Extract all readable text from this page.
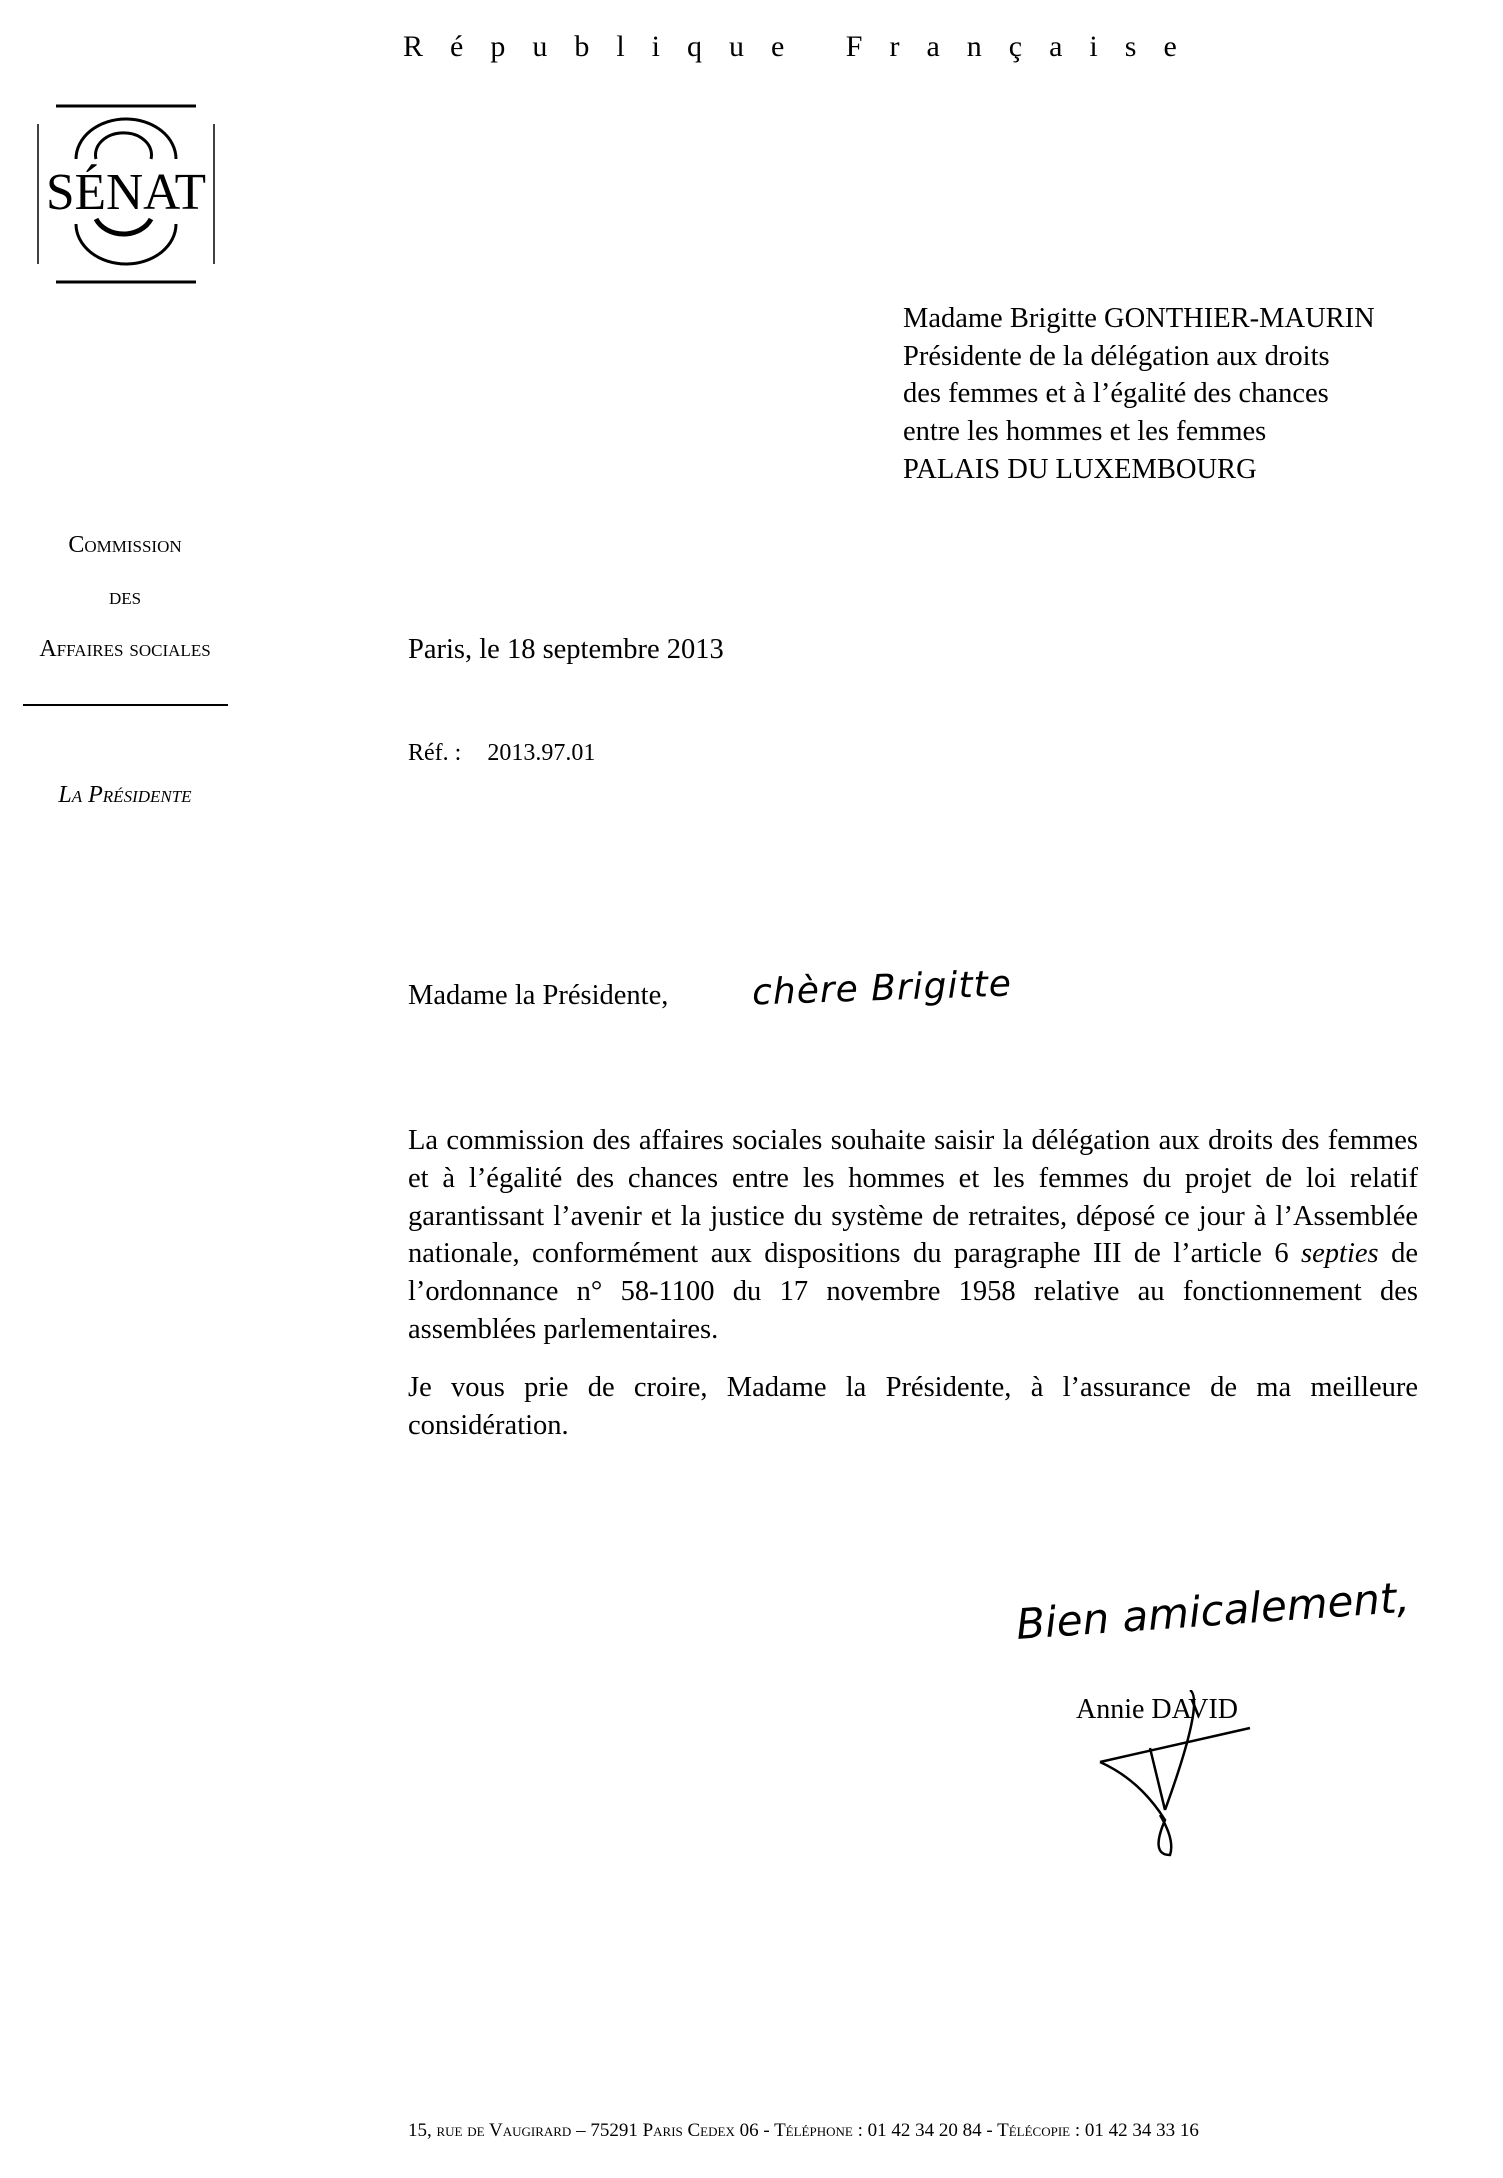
République Française
SÉNAT
Madame Brigitte GONTHIER-MAURIN
Présidente de la délégation aux droits
des femmes et à l’égalité des chances
entre les hommes et les femmes
PALAIS DU LUXEMBOURG
Commission
des
Affaires sociales
La Présidente
Paris, le 18 septembre 2013
Réf. : 2013.97.01
Madame la Présidente, chère Brigitte

La commission des affaires sociales souhaite saisir la délégation aux droits des femmes et à l’égalité des chances entre les hommes et les femmes du projet de loi relatif garantissant l’avenir et la justice du système de retraites, déposé ce jour à l’Assemblée nationale, conformément aux dispositions du paragraphe III de l’article 6 septies de l’ordonnance n° 58-1100 du 17 novembre 1958 relative au fonctionnement des assemblées parlementaires.

Je vous prie de croire, Madame la Présidente, à l’assurance de ma meilleure considération.

Bien amicalement,
Annie DAVID
15, rue de Vaugirard – 75291 Paris Cedex 06 - Téléphone : 01 42 34 20 84 - Télécopie : 01 42 34 33 16
